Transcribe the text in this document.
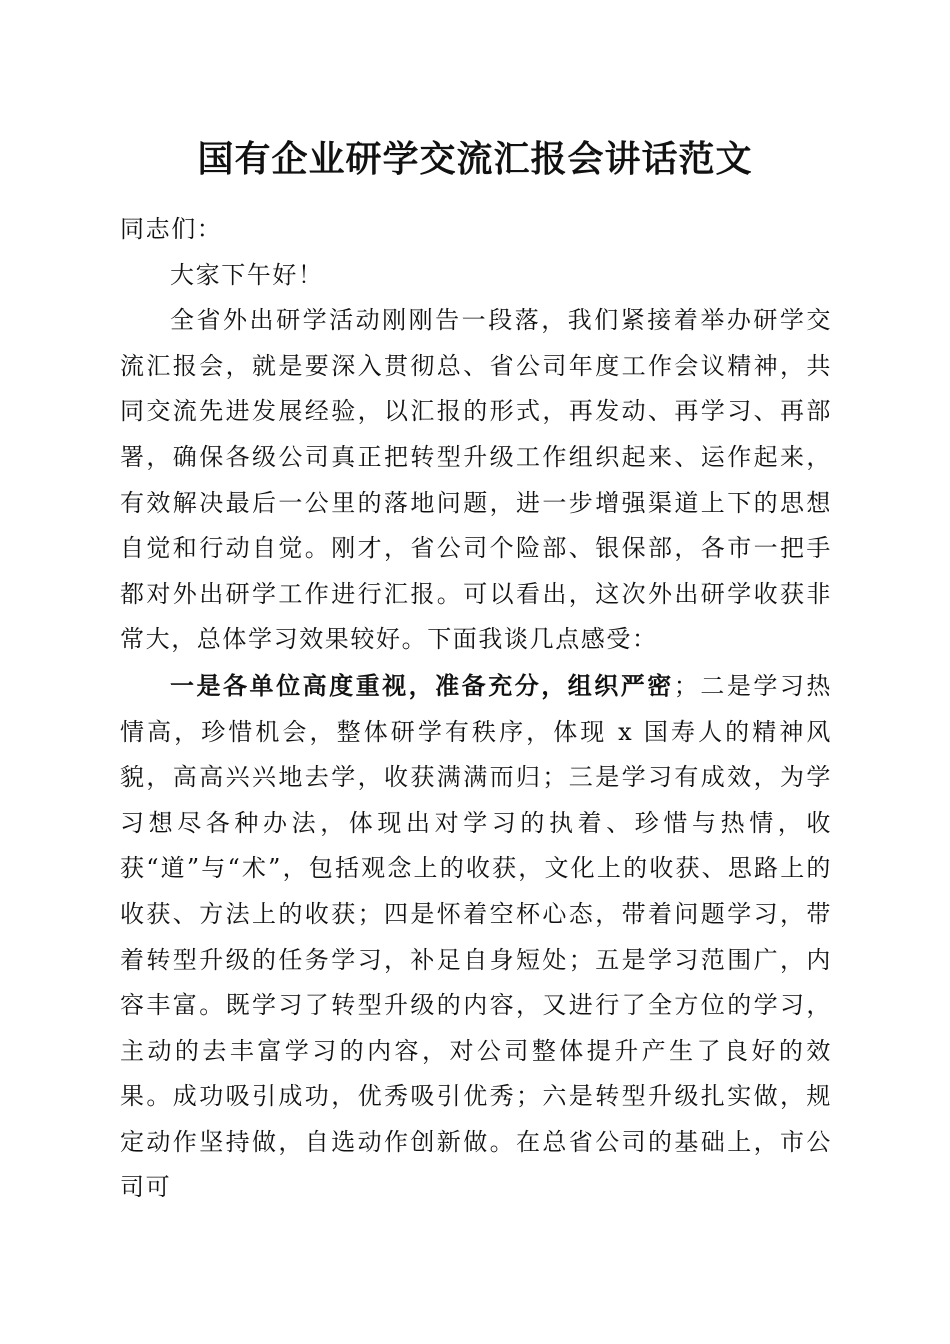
国有企业研学交流汇报会讲话范文

同志们：

大家下午好！

全省外出研学活动刚刚告一段落，我们紧接着举办研学交流汇报会，就是要深入贯彻总、省公司年度工作会议精神，共同交流先进发展经验，以汇报的形式，再发动、再学习、再部署，确保各级公司真正把转型升级工作组织起来、运作起来，有效解决最后一公里的落地问题，进一步增强渠道上下的思想自觉和行动自觉。刚才，省公司个险部、银保部，各市一把手都对外出研学工作进行汇报。可以看出，这次外出研学收获非常大，总体学习效果较好。下面我谈几点感受：

一是各单位高度重视，准备充分，组织严密；二是学习热情高，珍惜机会，整体研学有秩序，体现 x 国寿人的精神风貌，高高兴兴地去学，收获满满而归；三是学习有成效，为学习想尽各种办法，体现出对学习的执着、珍惜与热情，收获“道”与“术”，包括观念上的收获，文化上的收获、思路上的收获、方法上的收获；四是怀着空杯心态，带着问题学习，带着转型升级的任务学习，补足自身短处；五是学习范围广，内容丰富。既学习了转型升级的内容，又进行了全方位的学习，主动的去丰富学习的内容，对公司整体提升产生了良好的效果。成功吸引成功，优秀吸引优秀；六是转型升级扎实做，规定动作坚持做，自选动作创新做。在总省公司的基础上，市公司可
